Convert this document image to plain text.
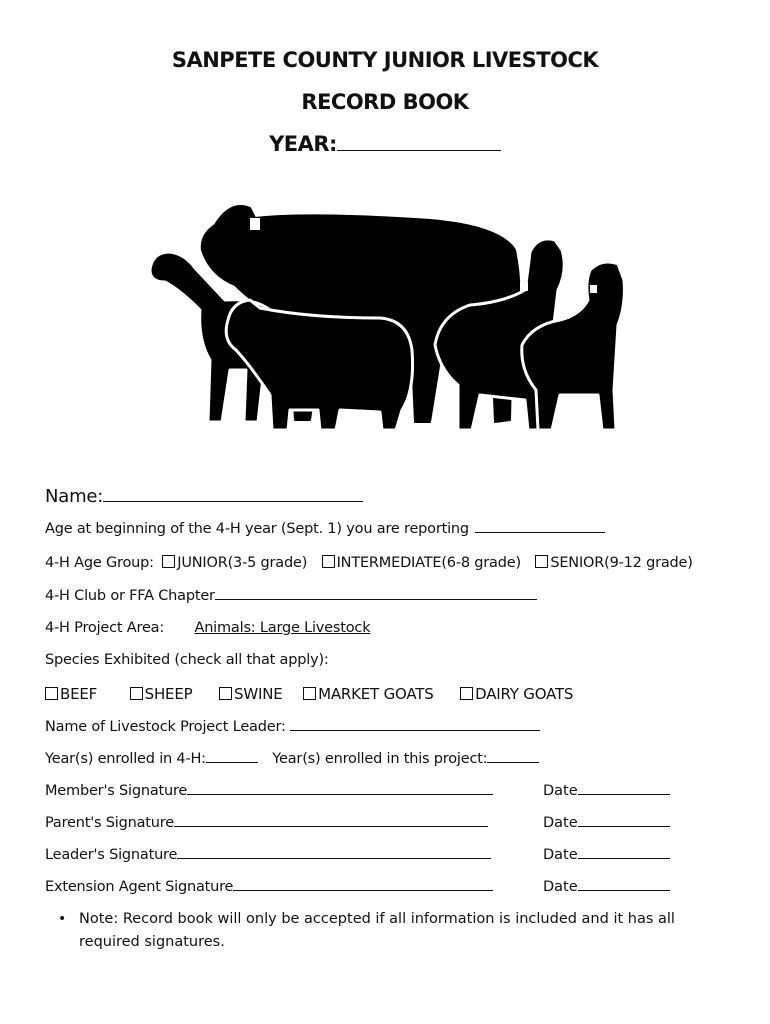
SANPETE COUNTY JUNIOR LIVESTOCK
RECORD BOOK
YEAR:
Name:
Age at beginning of the 4-H year (Sept. 1) you are reporting
4-H Age Group: JUNIOR(3-5 grade) INTERMEDIATE(6-8 grade) SENIOR(9-12 grade)
4-H Club or FFA Chapter
4-H Project Area: Animals: Large Livestock
Species Exhibited (check all that apply):
BEEF	SHEEP	SWINE MARKET GOATS	DAIRY GOATS
Name of Livestock Project Leader:
Year(s) enrolled in 4-H:	Year(s) enrolled in this project:
Member's Signature	Date
Parent's Signature	Date
Leader's Signature	Date
Extension Agent Signature	Date
• Note: Record book will only be accepted if all information is included and it has all required signatures.
